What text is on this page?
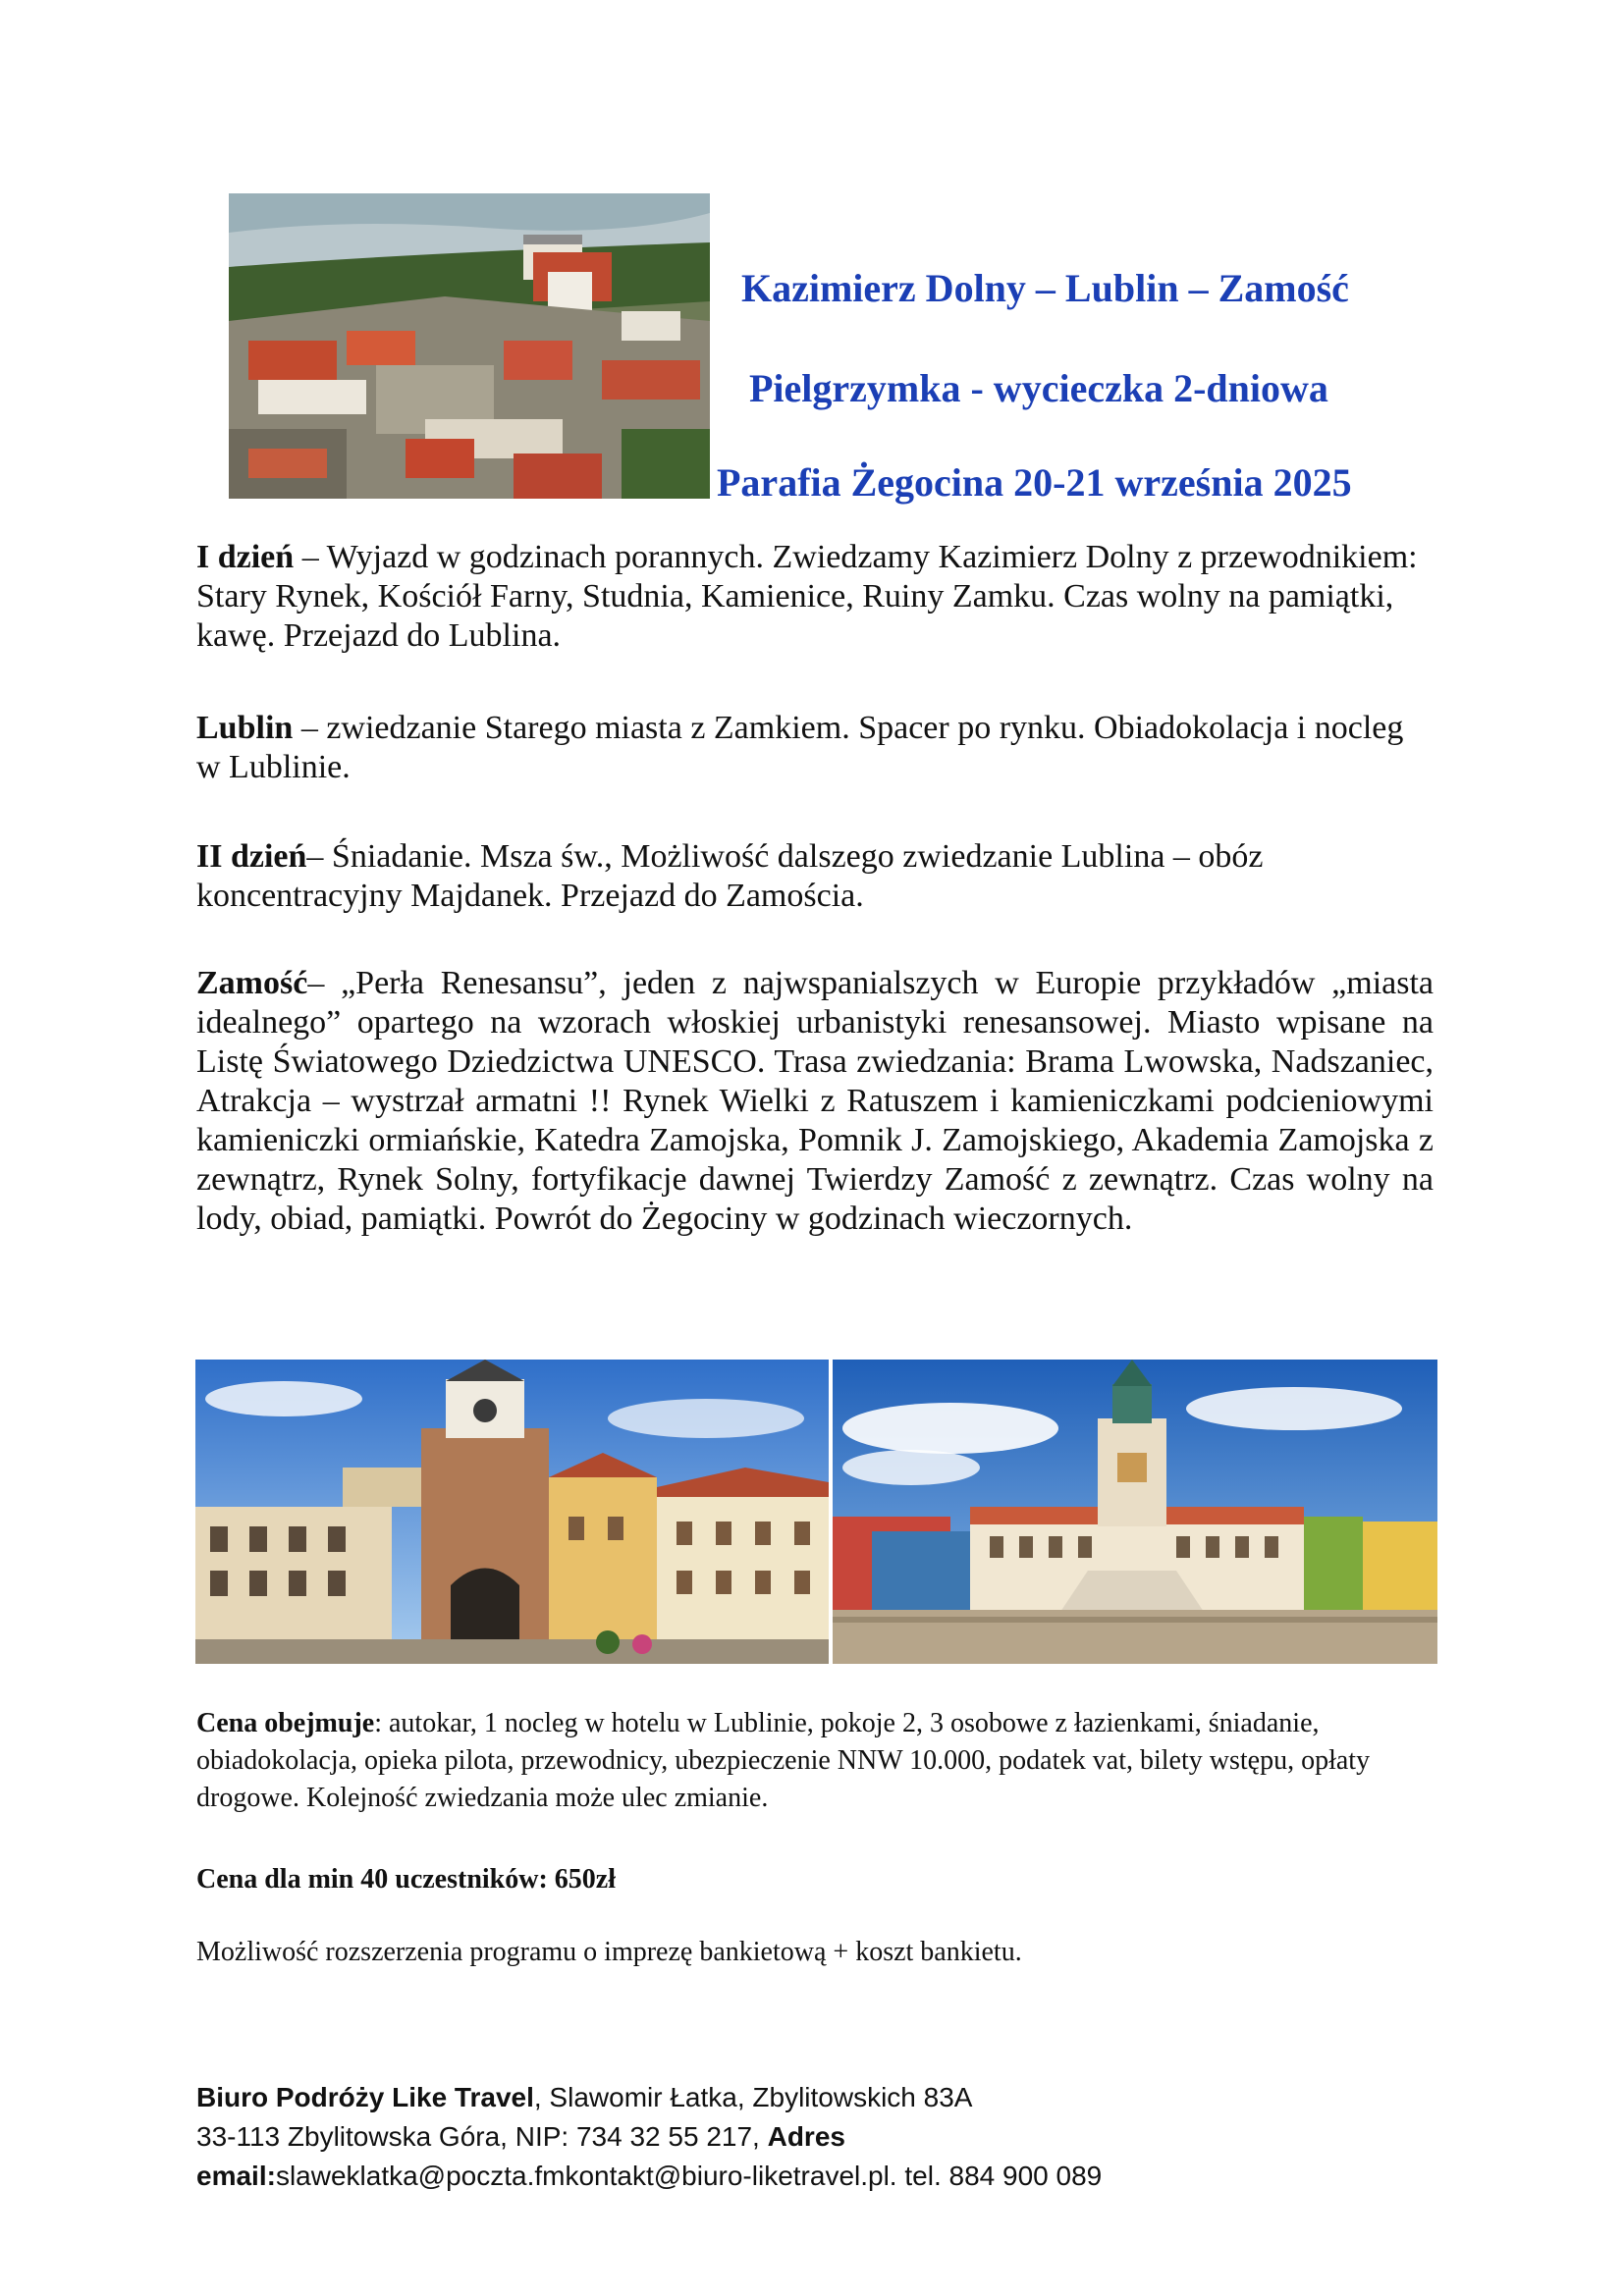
Kazimierz Dolny – Lublin – Zamość
Pielgrzymka - wycieczka 2-dniowa
Parafia Żegocina 20-21 września 2025

I dzień – Wyjazd w godzinach porannych. Zwiedzamy Kazimierz Dolny z przewodnikiem: Stary Rynek, Kościół Farny, Studnia, Kamienice, Ruiny Zamku. Czas wolny na pamiątki, kawę. Przejazd do Lublina.

Lublin – zwiedzanie Starego miasta z Zamkiem. Spacer po rynku. Obiadokolacja i nocleg w Lublinie.

II dzień– Śniadanie. Msza św., Możliwość dalszego zwiedzanie Lublina – obóz koncentracyjny Majdanek. Przejazd do Zamościa.

Zamość– „Perła Renesansu”, jeden z najwspanialszych w Europie przykładów „miasta idealnego” opartego na wzorach włoskiej urbanistyki renesansowej. Miasto wpisane na Listę Światowego Dziedzictwa UNESCO. Trasa zwiedzania: Brama Lwowska, Nadszaniec, Atrakcja – wystrzał armatni !! Rynek Wielki z Ratuszem i kamieniczkami podcieniowymi kamieniczki ormiańskie, Katedra Zamojska, Pomnik J. Zamojskiego, Akademia Zamojska z zewnątrz, Rynek Solny, fortyfikacje dawnej Twierdzy Zamość z zewnątrz. Czas wolny na lody, obiad, pamiątki. Powrót do Żegociny w godzinach wieczornych.

Cena obejmuje: autokar, 1 nocleg w hotelu w Lublinie, pokoje 2, 3 osobowe z łazienkami, śniadanie, obiadokolacja, opieka pilota, przewodnicy, ubezpieczenie NNW 10.000, podatek vat, bilety wstępu, opłaty drogowe. Kolejność zwiedzania może ulec zmianie.

Cena dla min 40 uczestników: 650zł

Możliwość rozszerzenia programu o imprezę bankietową + koszt bankietu.

Biuro Podróży Like Travel, Slawomir Łatka, Zbylitowskich 83A
33-113 Zbylitowska Góra, NIP: 734 32 55 217, Adres
email:slaweklatka@poczta.fmkontakt@biuro-liketravel.pl. tel. 884 900 089
